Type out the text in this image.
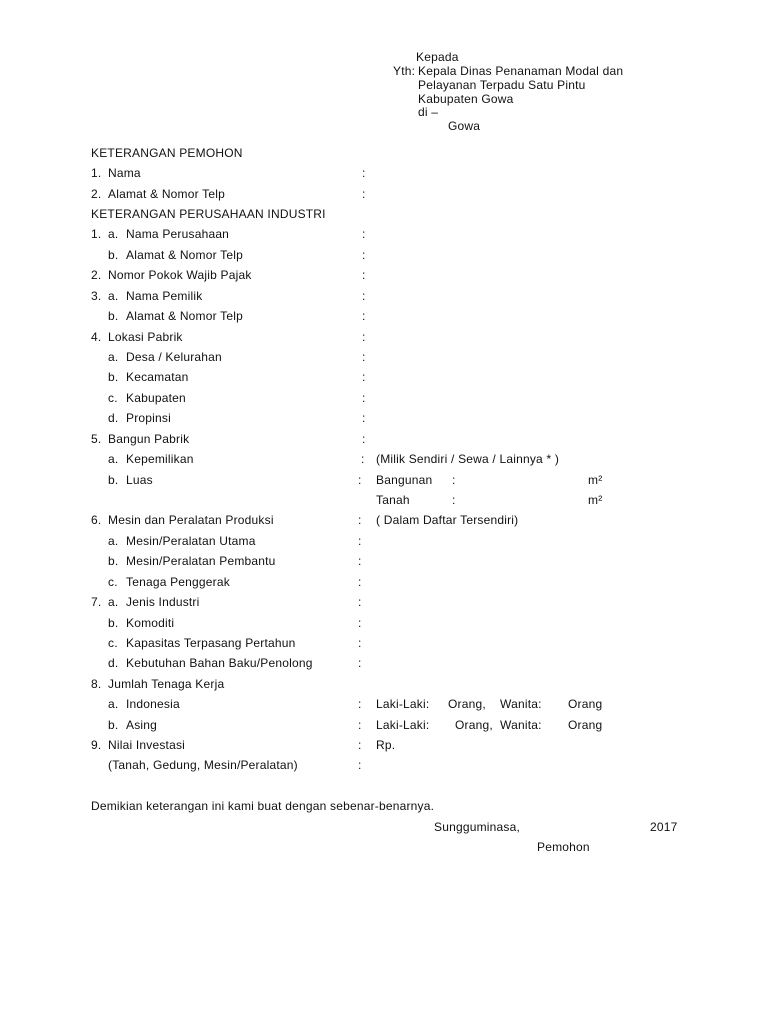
Kepada
Yth: Kepala Dinas Penanaman Modal dan
Pelayanan Terpadu Satu Pintu
Kabupaten Gowa
di –
Gowa
KETERANGAN PEMOHON
1. Nama	:
2. Alamat & Nomor Telp	:
KETERANGAN PERUSAHAAN INDUSTRI
1. a. Nama Perusahaan	:
b. Alamat & Nomor Telp	:
2. Nomor Pokok Wajib Pajak	:
3. a. Nama Pemilik	:
b. Alamat & Nomor Telp	:
4. Lokasi Pabrik	:
a. Desa / Kelurahan	:
b. Kecamatan	:
c. Kabupaten	:
d. Propinsi	:
5. Bangun Pabrik	:
a. Kepemilikan	: (Milik Sendiri / Sewa / Lainnya * )
b. Luas	: Bangunan :	m²
Tanah	:	m²
6. Mesin dan Peralatan Produksi	: ( Dalam Daftar Tersendiri)
a. Mesin/Peralatan Utama	:
b. Mesin/Peralatan Pembantu	:
c. Tenaga Penggerak	:
7. a. Jenis Industri	:
b. Komoditi	:
c. Kapasitas Terpasang Pertahun	:
d. Kebutuhan Bahan Baku/Penolong	:
8. Jumlah Tenaga Kerja
a. Indonesia	: Laki-Laki: Orang, Wanita: Orang
b. Asing	: Laki-Laki: Orang, Wanita: Orang
9. Nilai Investasi	: Rp.
(Tanah, Gedung, Mesin/Peralatan)	:
Demikian keterangan ini kami buat dengan sebenar-benarnya.
Sungguminasa,	2017
Pemohon
